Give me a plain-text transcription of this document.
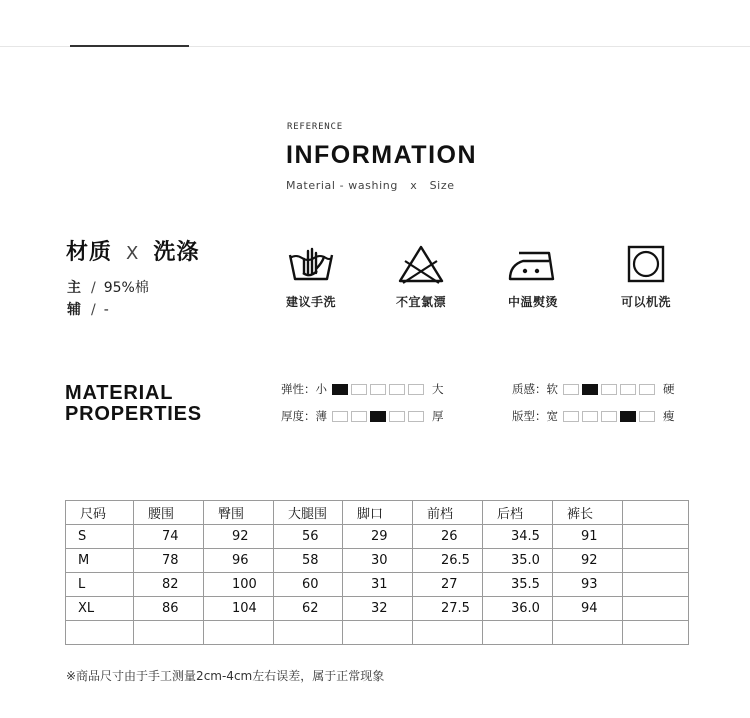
REFERENCE
INFORMATION
Material - washing   x   Size
材质 X 洗涤
主 / 95%棉
辅 / -	建议手洗	不宜氯漂	中温熨烫	可以机洗
MATERIAL
PROPERTIES
弹性 ： 小	大
厚度 ： 薄	厚
质感 ： 软	硬
版型 ： 宽	瘦
尺码	腰围	臀围	大腿围	脚口	前档	后档	裤长	
S	74	92	56	29	26	34.5	91	
M	78	96	58	30	26.5	35.0	92	
L	82	100	60	31	27	35.5	93	
XL	86	104	62	32	27.5	36.0	94	

※商品尺寸由于手工测量2cm-4cm左右误差，属于正常现象
